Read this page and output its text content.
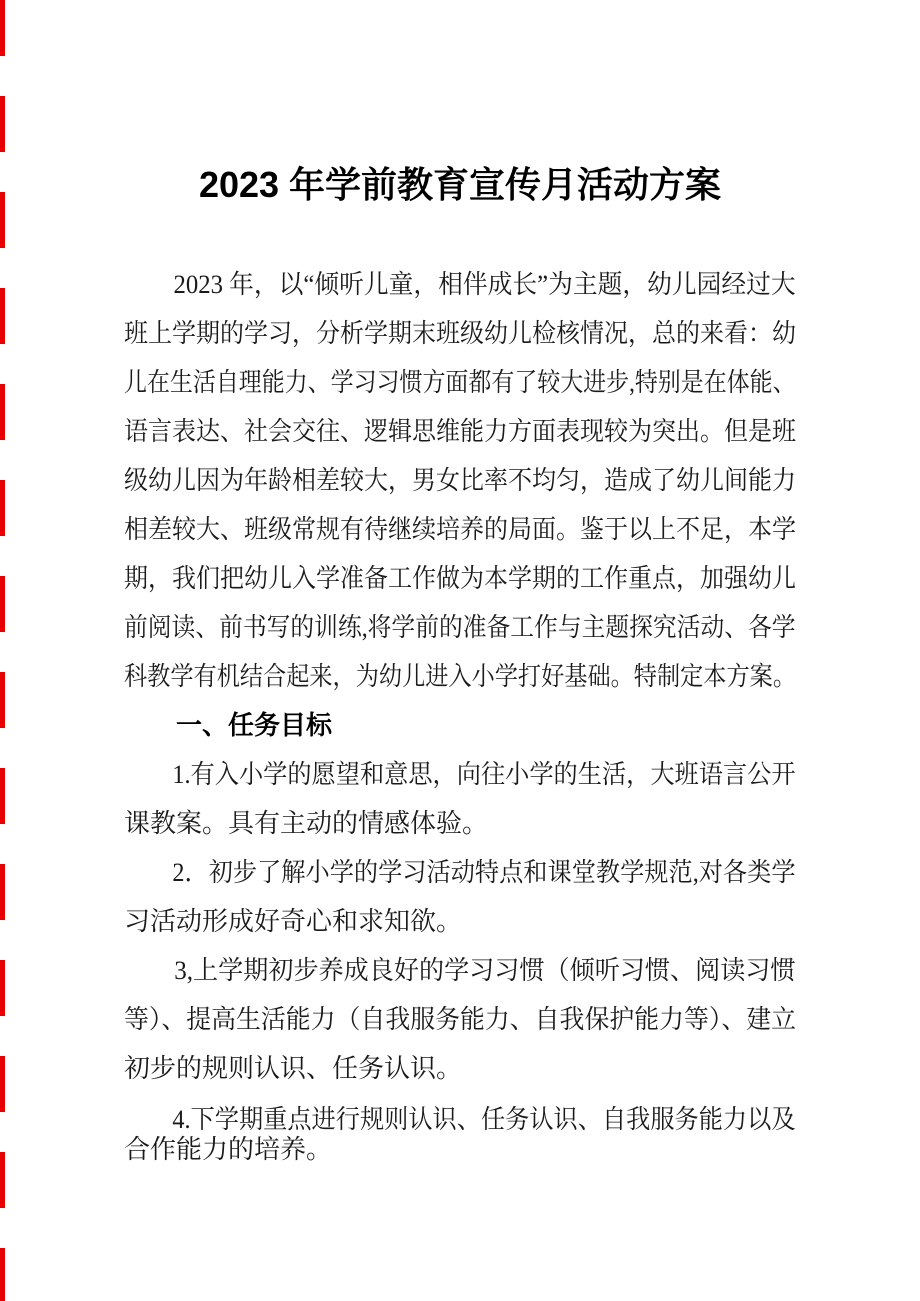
2023 年学前教育宣传月活动方案
2023 年，以“倾听儿童，相伴成长”为主题，幼儿园经过大
班上学期的学习，分析学期末班级幼儿检核情况，总的来看：幼
儿在生活自理能力、学习习惯方面都有了较大进步,特别是在体能、
语言表达、社会交往、逻辑思维能力方面表现较为突出。但是班
级幼儿因为年龄相差较大，男女比率不均匀，造成了幼儿间能力
相差较大、班级常规有待继续培养的局面。鉴于以上不足，本学
期，我们把幼儿入学准备工作做为本学期的工作重点，加强幼儿
前阅读、前书写的训练,将学前的准备工作与主题探究活动、各学
科教学有机结合起来，为幼儿进入小学打好基础。特制定本方案。
一、任务目标
1.有入小学的愿望和意思，向往小学的生活，大班语言公开
课教案。具有主动的情感体验。
2．初步了解小学的学习活动特点和课堂教学规范,对各类学
习活动形成好奇心和求知欲。
3,上学期初步养成良好的学习习惯（倾听习惯、阅读习惯
等）、提高生活能力（自我服务能力、自我保护能力等）、建立
初步的规则认识、任务认识。
4.下学期重点进行规则认识、任务认识、自我服务能力以及
合作能力的培养。
